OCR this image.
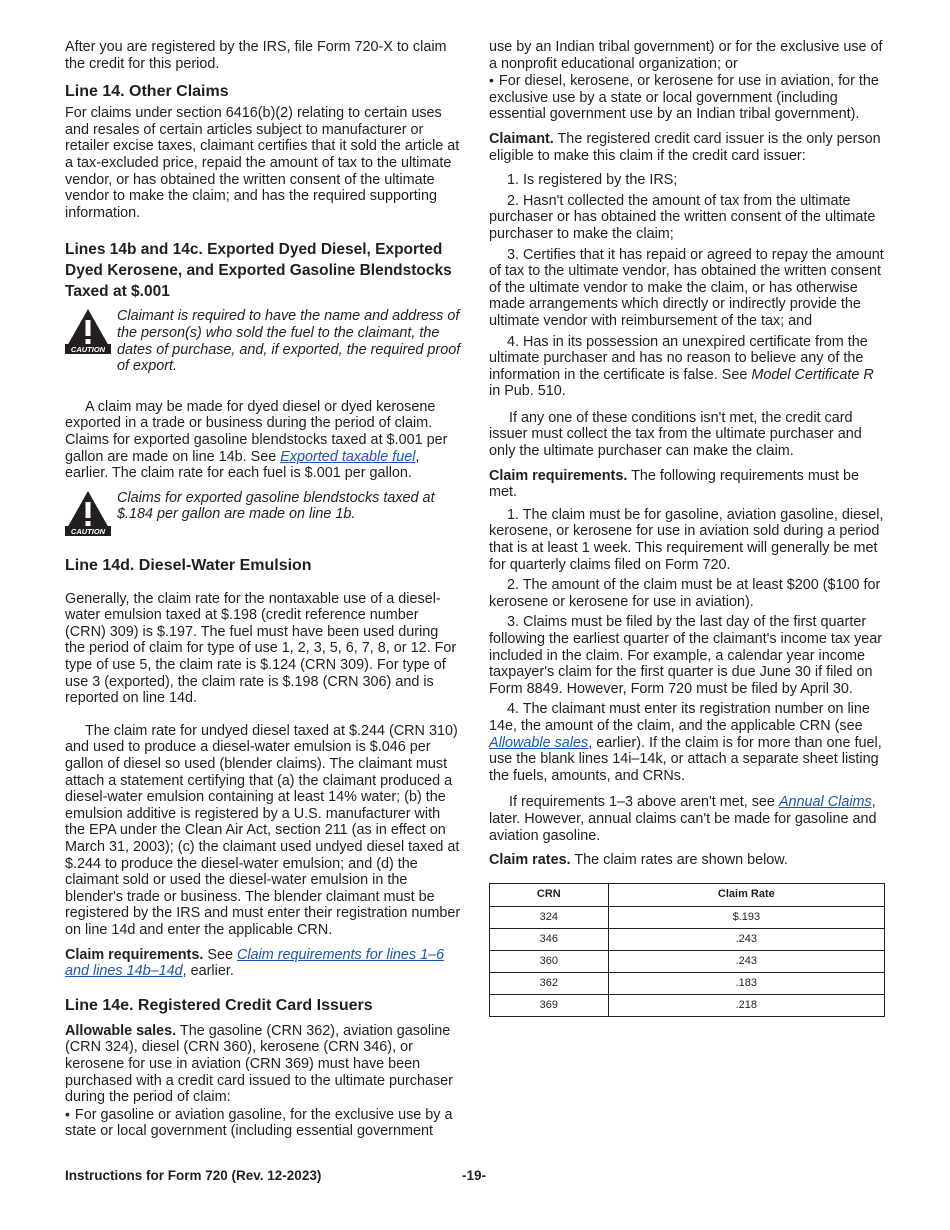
After you are registered by the IRS, file Form 720-X to claim the credit for this period.

Line 14. Other Claims

For claims under section 6416(b)(2) relating to certain uses and resales of certain articles subject to manufacturer or retailer excise taxes, claimant certifies that it sold the article at a tax-excluded price, repaid the amount of tax to the ultimate vendor, or has obtained the written consent of the ultimate vendor to make the claim; and has the required supporting information.

Lines 14b and 14c. Exported Dyed Diesel, Exported Dyed Kerosene, and Exported Gasoline Blendstocks Taxed at $.001
CAUTION
Claimant is required to have the name and address of the person(s) who sold the fuel to the claimant, the dates of purchase, and, if exported, the required proof of export.

A claim may be made for dyed diesel or dyed kerosene exported in a trade or business during the period of claim. Claims for exported gasoline blendstocks taxed at $.001 per gallon are made on line 14b. See Exported taxable fuel, earlier. The claim rate for each fuel is $.001 per gallon.

CAUTION
Claims for exported gasoline blendstocks taxed at $.184 per gallon are made on line 1b.
Line 14d. Diesel-Water Emulsion

Generally, the claim rate for the nontaxable use of a diesel-water emulsion taxed at $.198 (credit reference number (CRN) 309) is $.197. The fuel must have been used during the period of claim for type of use 1, 2, 3, 5, 6, 7, 8, or 12. For type of use 5, the claim rate is $.124 (CRN 309). For type of use 3 (exported), the claim rate is $.198 (CRN 306) and is reported on line 14d.

The claim rate for undyed diesel taxed at $.244 (CRN 310) and used to produce a diesel-water emulsion is $.046 per gallon of diesel so used (blender claims). The claimant must attach a statement certifying that (a) the claimant produced a diesel-water emulsion containing at least 14% water; (b) the emulsion additive is registered by a U.S. manufacturer with the EPA under the Clean Air Act, section 211 (as in effect on March 31, 2003); (c) the claimant used undyed diesel taxed at $.244 to produce the diesel-water emulsion; and (d) the claimant sold or used the diesel-water emulsion in the blender's trade or business. The blender claimant must be registered by the IRS and must enter their registration number on line 14d and enter the applicable CRN.

Claim requirements. See Claim requirements for lines 1–6 and lines 14b–14d, earlier.

Line 14e. Registered Credit Card Issuers

Allowable sales. The gasoline (CRN 362), aviation gasoline (CRN 324), diesel (CRN 360), kerosene (CRN 346), or kerosene for use in aviation (CRN 369) must have been purchased with a credit card issued to the ultimate purchaser during the period of claim:

• For gasoline or aviation gasoline, for the exclusive use by a state or local government (including essential government

use by an Indian tribal government) or for the exclusive use of a nonprofit educational organization; or

• For diesel, kerosene, or kerosene for use in aviation, for the exclusive use by a state or local government (including essential government use by an Indian tribal government).

Claimant. The registered credit card issuer is the only person eligible to make this claim if the credit card issuer:

1. Is registered by the IRS;

2. Hasn't collected the amount of tax from the ultimate purchaser or has obtained the written consent of the ultimate purchaser to make the claim;

3. Certifies that it has repaid or agreed to repay the amount of tax to the ultimate vendor, has obtained the written consent of the ultimate vendor to make the claim, or has otherwise made arrangements which directly or indirectly provide the ultimate vendor with reimbursement of the tax; and

4. Has in its possession an unexpired certificate from the ultimate purchaser and has no reason to believe any of the information in the certificate is false. See Model Certificate R in Pub. 510.

If any one of these conditions isn't met, the credit card issuer must collect the tax from the ultimate purchaser and only the ultimate purchaser can make the claim.

Claim requirements. The following requirements must be met.

1. The claim must be for gasoline, aviation gasoline, diesel, kerosene, or kerosene for use in aviation sold during a period that is at least 1 week. This requirement will generally be met for quarterly claims filed on Form 720.

2. The amount of the claim must be at least $200 ($100 for kerosene or kerosene for use in aviation).

3. Claims must be filed by the last day of the first quarter following the earliest quarter of the claimant's income tax year included in the claim. For example, a calendar year income taxpayer's claim for the first quarter is due June 30 if filed on Form 8849. However, Form 720 must be filed by April 30.

4. The claimant must enter its registration number on line 14e, the amount of the claim, and the applicable CRN (see Allowable sales, earlier). If the claim is for more than one fuel, use the blank lines 14i–14k, or attach a separate sheet listing the fuels, amounts, and CRNs.

If requirements 1–3 above aren't met, see Annual Claims, later. However, annual claims can't be made for gasoline and aviation gasoline.

Claim rates. The claim rates are shown below.

CRN	Claim Rate
324	$.193
346	.243
360	.243
362	.183
369	.218
Instructions for Form 720 (Rev. 12-2023)	-19-
